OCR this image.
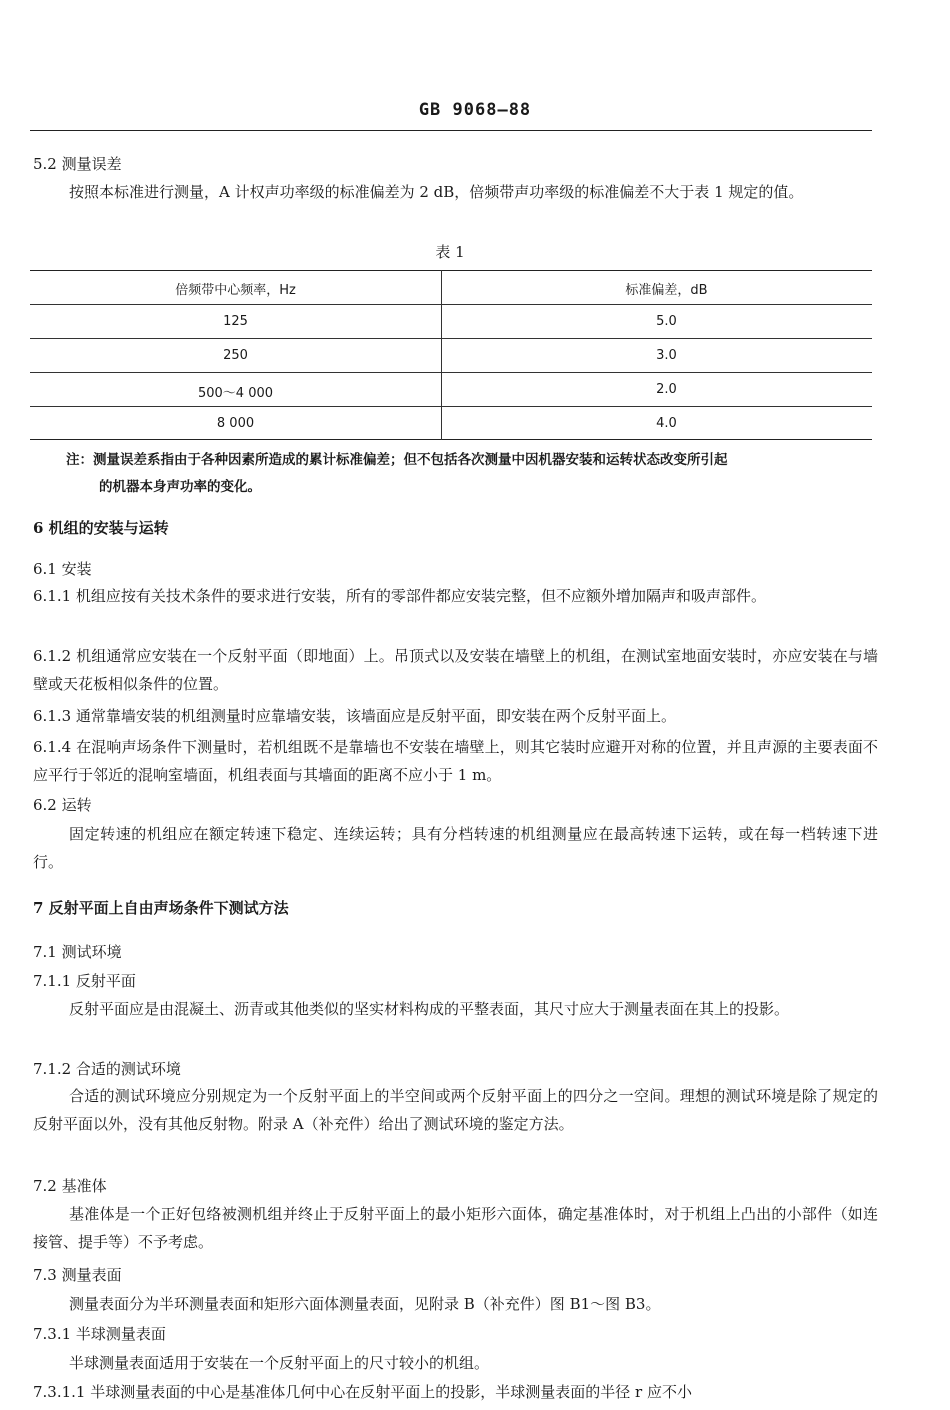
GB 9068—88
5.2 测量误差
按照本标准进行测量，A 计权声功率级的标准偏差为 2 dB，倍频带声功率级的标准偏差不大于表 1 规定的值。
表 1
倍频带中心频率，Hz	标准偏差，dB
125	5.0
250	3.0
500～4 000	2.0
8 000	4.0
注：测量误差系指由于各种因素所造成的累计标准偏差；但不包括各次测量中因机器安装和运转状态改变所引起
的机器本身声功率的变化。
6 机组的安装与运转
6.1 安装
6.1.1 机组应按有关技术条件的要求进行安装，所有的零部件都应安装完整，但不应额外增加隔声和吸声部件。
6.1.2 机组通常应安装在一个反射平面（即地面）上。吊顶式以及安装在墙壁上的机组，在测试室地面安装时，亦应安装在与墙壁或天花板相似条件的位置。
6.1.3 通常靠墙安装的机组测量时应靠墙安装，该墙面应是反射平面，即安装在两个反射平面上。
6.1.4 在混响声场条件下测量时，若机组既不是靠墙也不安装在墙壁上，则其它装时应避开对称的位置，并且声源的主要表面不应平行于邻近的混响室墙面，机组表面与其墙面的距离不应小于 1 m。
6.2 运转
固定转速的机组应在额定转速下稳定、连续运转；具有分档转速的机组测量应在最高转速下运转，或在每一档转速下进行。
7 反射平面上自由声场条件下测试方法
7.1 测试环境
7.1.1 反射平面
反射平面应是由混凝土、沥青或其他类似的坚实材料构成的平整表面，其尺寸应大于测量表面在其上的投影。
7.1.2 合适的测试环境
合适的测试环境应分别规定为一个反射平面上的半空间或两个反射平面上的四分之一空间。理想的测试环境是除了规定的反射平面以外，没有其他反射物。附录 A（补充件）给出了测试环境的鉴定方法。
7.2 基准体
基准体是一个正好包络被测机组并终止于反射平面上的最小矩形六面体，确定基准体时，对于机组上凸出的小部件（如连接管、提手等）不予考虑。
7.3 测量表面
测量表面分为半环测量表面和矩形六面体测量表面，见附录 B（补充件）图 B1～图 B3。
7.3.1 半球测量表面
半球测量表面适用于安装在一个反射平面上的尺寸较小的机组。
7.3.1.1 半球测量表面的中心是基准体几何中心在反射平面上的投影，半球测量表面的半径 r 应不小
